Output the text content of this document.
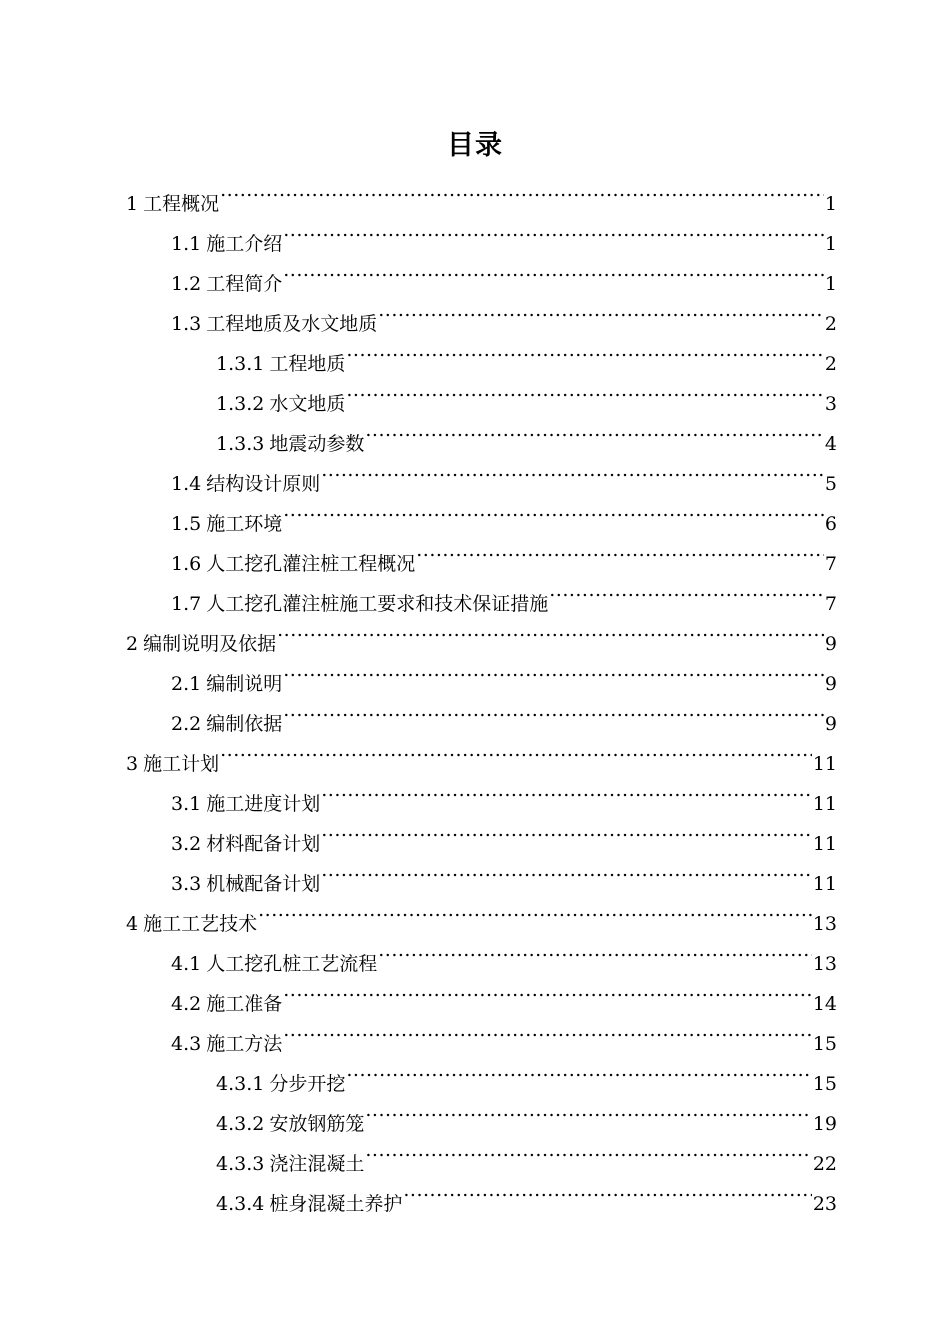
目录
1 工程概况 .....	1
1.1 施工介绍 .....	1
1.2 工程简介 .....	1
1.3 工程地质及水文地质 .....	2
1.3.1 工程地质 .....	2
1.3.2 水文地质 .....	3
1.3.3 地震动参数 .....	4
1.4 结构设计原则 .....	5
1.5 施工环境 .....	6
1.6 人工挖孔灌注桩工程概况 .....	7
1.7 人工挖孔灌注桩施工要求和技术保证措施 .....	7
2 编制说明及依据 .....	9
2.1 编制说明 .....	9
2.2 编制依据 .....	9
3 施工计划 .....	11
3.1 施工进度计划 .....	11
3.2 材料配备计划 .....	11
3.3 机械配备计划 .....	11
4 施工工艺技术 .....	13
4.1 人工挖孔桩工艺流程 .....	13
4.2 施工准备 .....	14
4.3 施工方法 .....	15
4.3.1 分步开挖 .....	15
4.3.2 安放钢筋笼 .....	19
4.3.3 浇注混凝土 .....	22
4.3.4 桩身混凝土养护 .....	23
